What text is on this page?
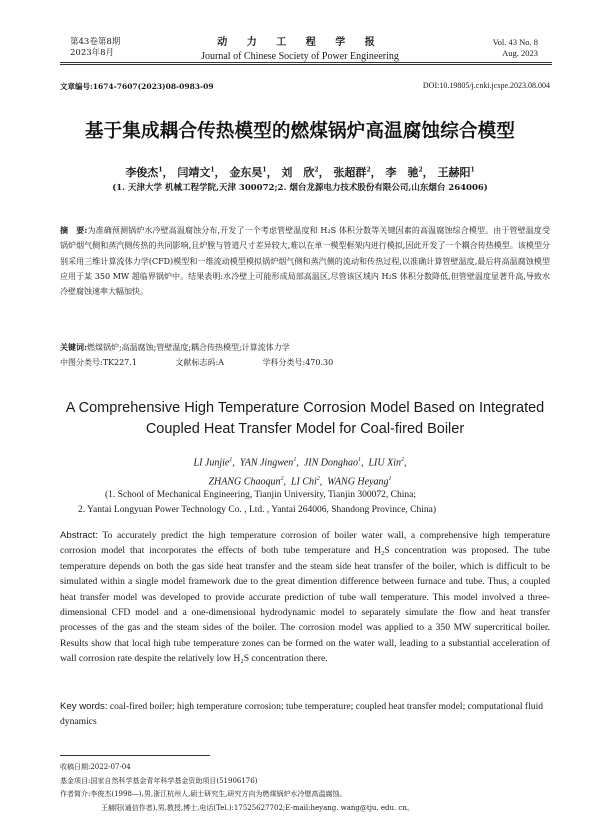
第43卷第8期
2023年8月
动 力 工 程 学 报
Journal of Chinese Society of Power Engineering
Vol. 43 No. 8
Aug. 2023
文章编号:1674-7607(2023)08-0983-09	DOI:10.19805/j.cnki.jcspe.2023.08.004
基于集成耦合传热模型的燃煤锅炉高温腐蚀综合模型
李俊杰$^1$， 闫靖文$^1$， 金东昊$^1$， 刘　欣$^2$， 张超群$^2$， 李　驰$^2$， 王赫阳$^1$
(1. 天津大学 机械工程学院,天津 300072;2. 烟台龙源电力技术股份有限公司,山东烟台 264006)
摘　要:为准确预测锅炉水冷壁高温腐蚀分布,开发了一个考虑管壁温度和 H₂S 体积分数等关键因素的高温腐蚀综合模型。由于管壁温度受锅炉烟气侧和蒸汽侧传热的共同影响,且炉膛与管道尺寸差异较大,难以在单一模型框架内进行模拟,因此开发了一个耦合传热模型。该模型分别采用三维计算流体力学(CFD)模型和一维流动模型模拟锅炉烟气侧和蒸汽侧的流动和传热过程,以准确计算管壁温度,最后将高温腐蚀模型应用于某 350 MW 超临界锅炉中。结果表明:水冷壁上可能形成局部高温区,尽管该区域内 H₂S 体积分数降低,但管壁温度显著升高,导致水冷壁腐蚀速率大幅加快。
关键词:燃煤锅炉;高温腐蚀;管壁温度;耦合传热模型;计算流体力学
中图分类号:TK227.1	文献标志码:A	学科分类号:470.30
A Comprehensive High Temperature Corrosion Model Based on Integrated Coupled Heat Transfer Model for Coal-fired Boiler
LI Junjie$^1$,  YAN Jingwen$^1$,  JIN Donghao$^1$,  LIU Xin$^2$,
ZHANG Chaoqun$^2$,  LI Chi$^2$,  WANG Heyang$^1$
(1. School of Mechanical Engineering, Tianjin University, Tianjin 300072, China;
2. Yantai Longyuan Power Technology Co. , Ltd. , Yantai 264006, Shandong Province, China)
Abstract: To accurately predict the high temperature corrosion of boiler water wall, a comprehensive high temperature corrosion model that incorporates the effects of both tube temperature and H₂S concentration was proposed. The tube temperature depends on both the gas side heat transfer and the steam side heat transfer of the boiler, which is difficult to be simulated within a single model framework due to the great dimention difference between furnace and tube. Thus, a coupled heat transfer model was developed to provide accurate prediction of tube wall temperature. This model involved a three-dimensional CFD model and a one-dimensional hydrodynamic model to separately simulate the flow and heat transfer processes of the gas and the steam sides of the boiler. The corrosion model was applied to a 350 MW supercritical boiler. Results show that local high tube temperature zones can be formed on the water wall, leading to a substantial acceleration of wall corrosion rate despite the relatively low H₂S concentration there.
Key words: coal-fired boiler; high temperature corrosion; tube temperature; coupled heat transfer model; computational fluid dynamics
收稿日期:2022-07-04
基金项目:国家自然科学基金青年科学基金资助项目(51906176)
作者简介:李俊杰(1998—),男,浙江杭州人,硕士研究生,研究方向为燃煤锅炉水冷壁高温腐蚀。
王赫阳(通信作者),男,教授,博士,电话(Tel.):17525627702;E-mail:heyang. wang@tju. edu. cn。
